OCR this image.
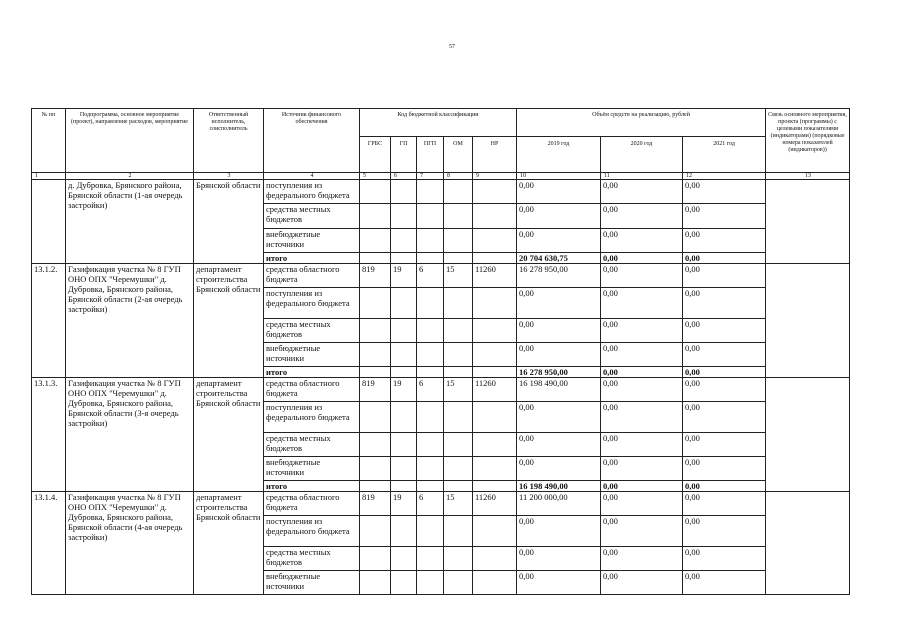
57
№ пп	Подпрограмма, основное мероприятие (проект), направление расходов, мероприятие	Ответственный исполнитель, соисполнитель	Источник финансового обеспечения	Код бюджетной классификации					Объём средств на реализацию, рублей			Связь основного мероприятия, проекта (программы) с целевыми показателями (индикаторами) (порядковые номера показателей (индикаторов))
				ГРБС	ГП	ПГП	ОМ	НР	2019 год	2020 год	2021 год	
1	2	3	4	5	6	7	8	9	10	11	12	13
	д. Дубровка, Брянского района, Брянской области (1-ая очередь застройки)	Брянской области	поступления из федерального бюджета						0,00	0,00	0,00	
			средства местных бюджетов						0,00	0,00	0,00	
			внебюджетные источники						0,00	0,00	0,00	
			итого						20 704 630,75	0,00	0,00	
13.1.2.	Газификация участка № 8 ГУП ОНО ОПХ "Черемушки" д. Дубровка, Брянского района, Брянской области (2-ая очередь застройки)	департамент строительства Брянской области	средства областного бюджета	819	19	6	15	11260	16 278 950,00	0,00	0,00	
			поступления из федерального бюджета						0,00	0,00	0,00	
			средства местных бюджетов						0,00	0,00	0,00	
			внебюджетные источники						0,00	0,00	0,00	
			итого						16 278 950,00	0,00	0,00	
13.1.3.	Газификация участка № 8 ГУП ОНО ОПХ "Черемушки" д. Дубровка, Брянского района, Брянской области (3-я очередь застройки)	департамент строительства Брянской области	средства областного бюджета	819	19	6	15	11260	16 198 490,00	0,00	0,00	
			поступления из федерального бюджета						0,00	0,00	0,00	
			средства местных бюджетов						0,00	0,00	0,00	
			внебюджетные источники						0,00	0,00	0,00	
			итого						16 198 490,00	0,00	0,00	
13.1.4.	Газификация участка № 8 ГУП ОНО ОПХ "Черемушки" д. Дубровка, Брянского района, Брянской области (4-ая очередь застройки)	департамент строительства Брянской области	средства областного бюджета	819	19	6	15	11260	11 200 000,00	0,00	0,00	
			поступления из федерального бюджета						0,00	0,00	0,00	
			средства местных бюджетов						0,00	0,00	0,00	
			внебюджетные источники						0,00	0,00	0,00	
